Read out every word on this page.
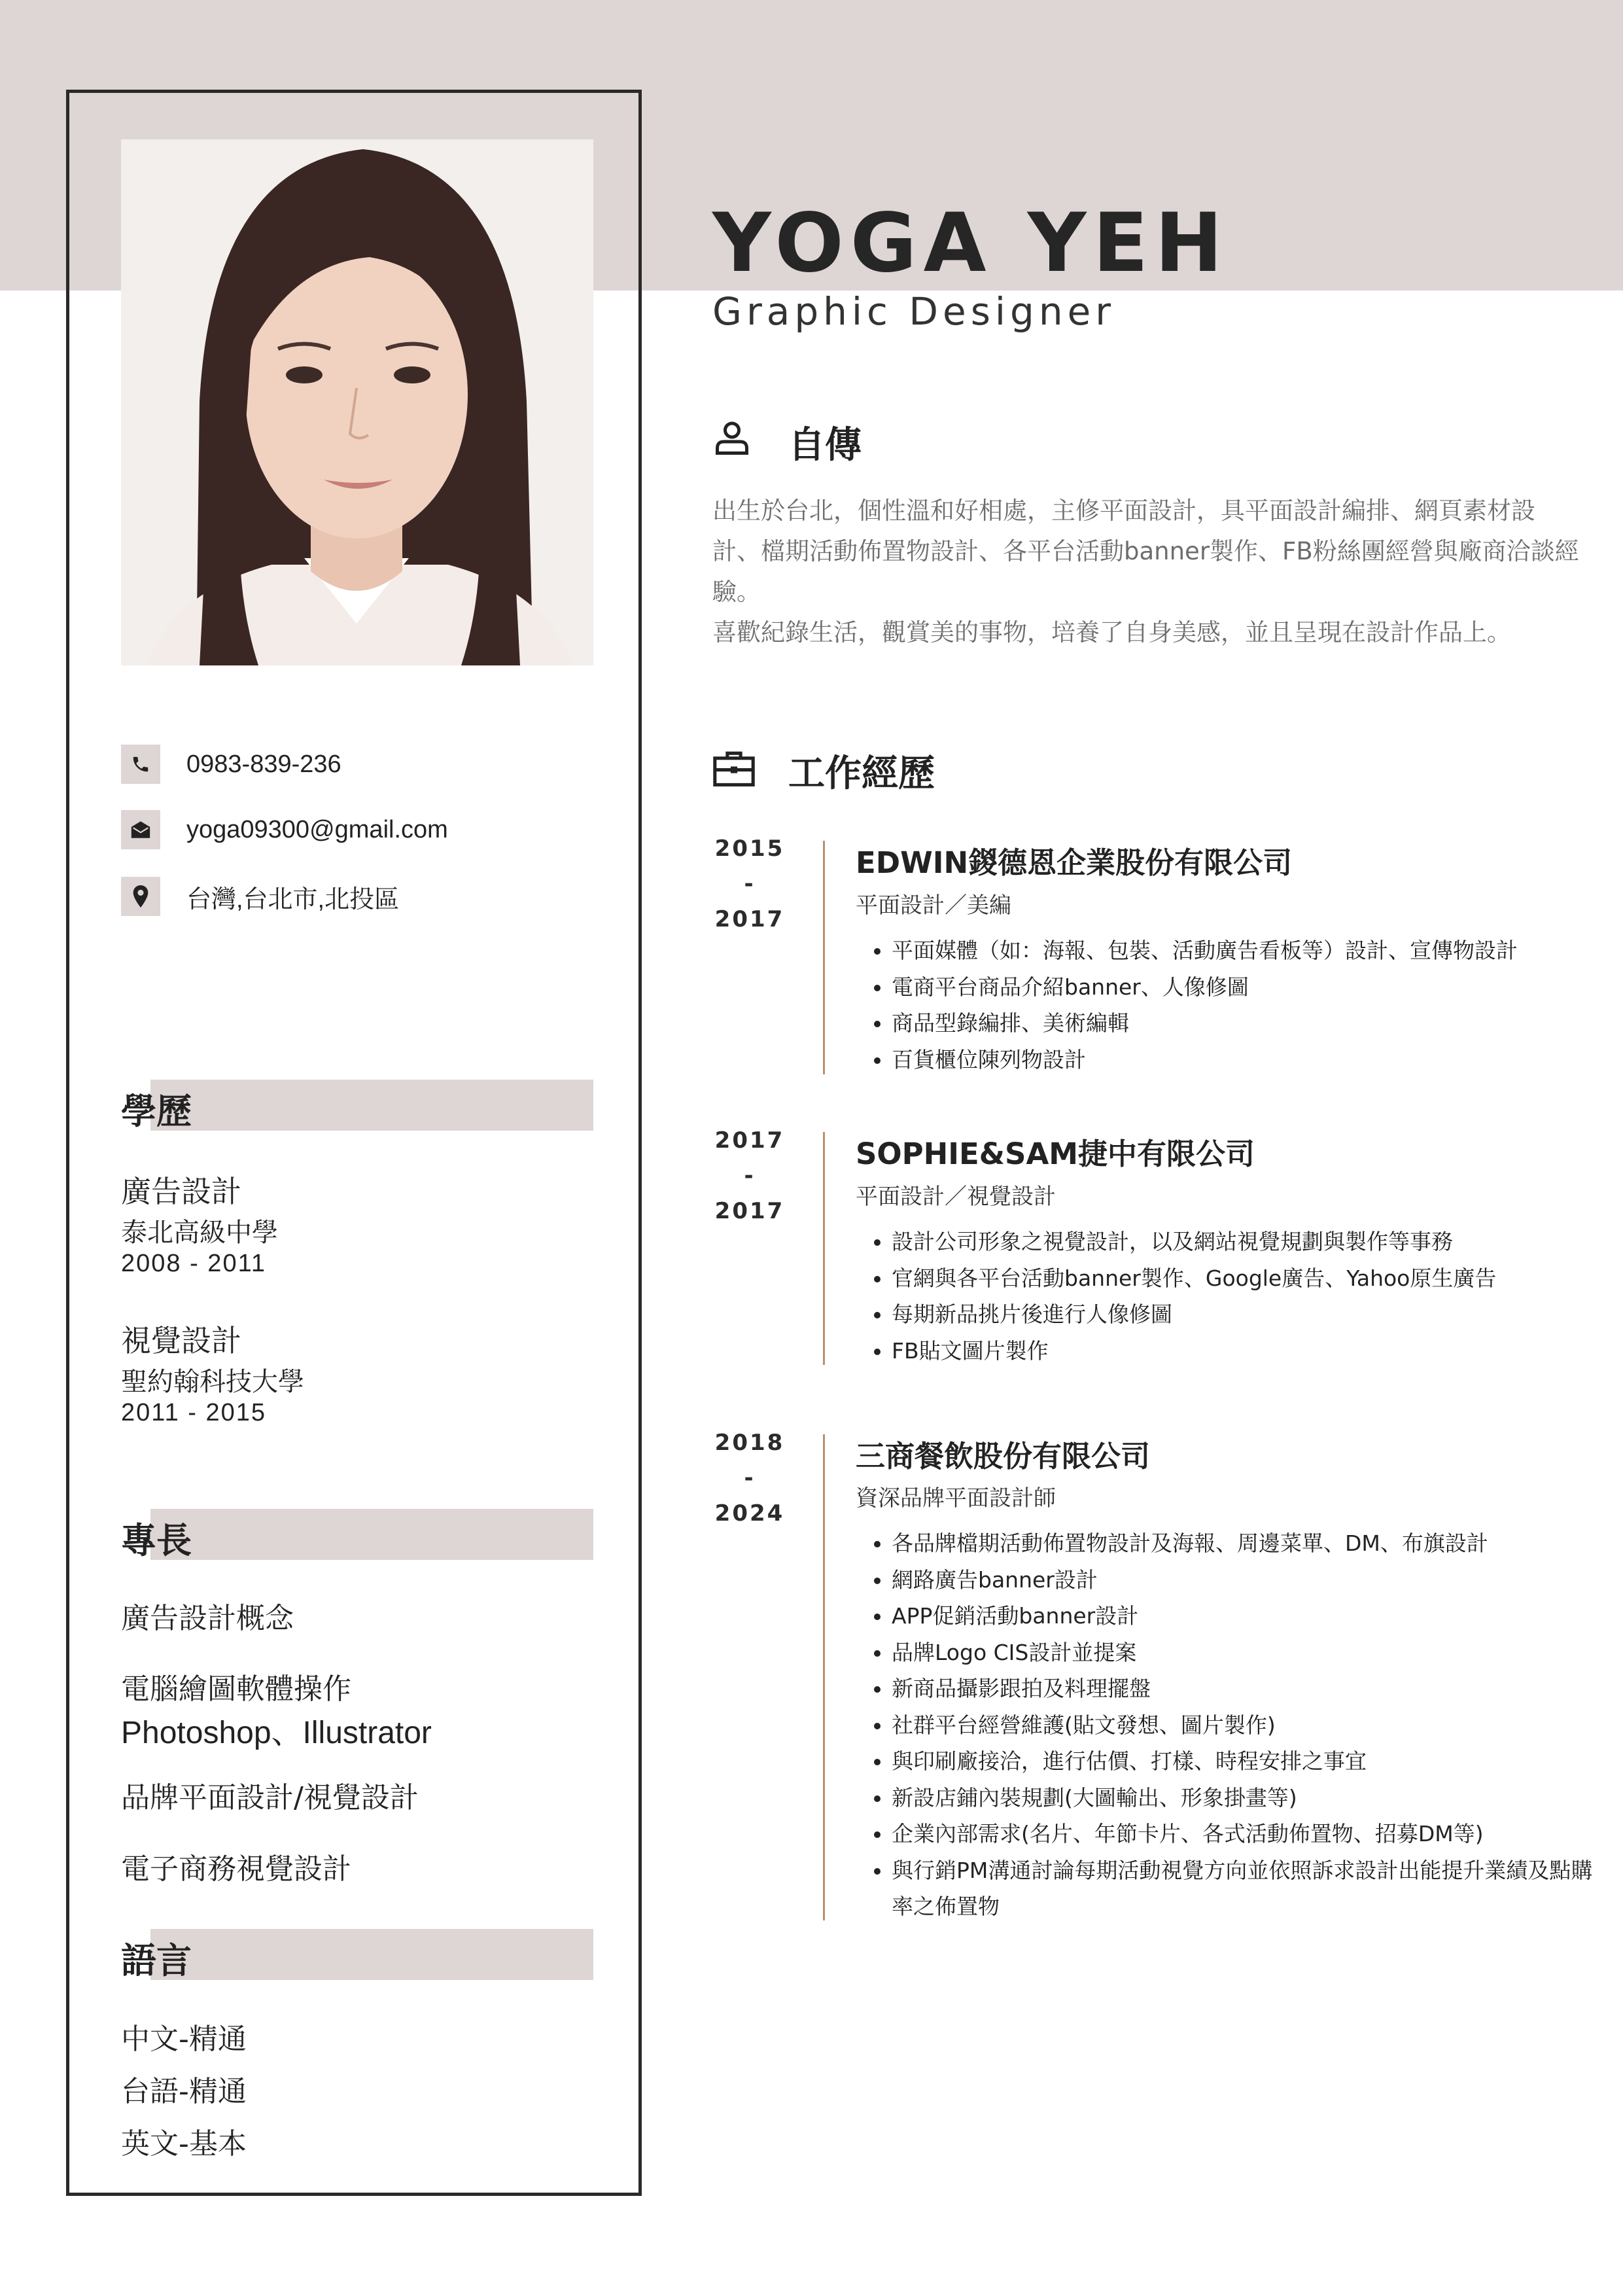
0983-839-236
yoga09300@gmail.com
台灣,台北市,北投區
學歷
廣告設計
泰北高級中學
2008 - 2011
視覺設計
聖約翰科技大學
2011 - 2015
專長
廣告設計概念
電腦繪圖軟體操作
Photoshop、Illustrator
品牌平面設計/視覺設計
電子商務視覺設計
語言
中文-精通
台語-精通
英文-基本
YOGA YEH
Graphic Designer
自傳

出生於台北，個性溫和好相處，主修平面設計，具平面設計編排、網頁素材設計、檔期活動佈置物設計、各平台活動banner製作、FB粉絲團經營與廠商洽談經驗。

喜歡紀錄生活，觀賞美的事物，培養了自身美感，並且呈現在設計作品上。

工作經歷
2015
-
2017
EDWIN鍐德恩企業股份有限公司
平面設計／美編
• 平面媒體（如：海報、包裝、活動廣告看板等）設計、宣傳物設計
• 電商平台商品介紹banner、人像修圖
• 商品型錄編排、美術編輯
• 百貨櫃位陳列物設計
2017
-
2017
SOPHIE&SAM捷中有限公司
平面設計／視覺設計
• 設計公司形象之視覺設計，以及網站視覺規劃與製作等事務
• 官網與各平台活動banner製作、Google廣告、Yahoo原生廣告
• 每期新品挑片後進行人像修圖
• FB貼文圖片製作
2018
-
2024
三商餐飲股份有限公司
資深品牌平面設計師
• 各品牌檔期活動佈置物設計及海報、周邊菜單、DM、布旗設計
• 網路廣告banner設計
• APP促銷活動banner設計
• 品牌Logo CIS設計並提案
• 新商品攝影跟拍及料理擺盤
• 社群平台經營維護(貼文發想、圖片製作)
• 與印刷廠接洽，進行估價、打樣、時程安排之事宜
• 新設店鋪內裝規劃(大圖輸出、形象掛畫等)
• 企業內部需求(名片、年節卡片、各式活動佈置物、招募DM等)
• 與行銷PM溝通討論每期活動視覺方向並依照訴求設計出能提升業績及點購率之佈置物
